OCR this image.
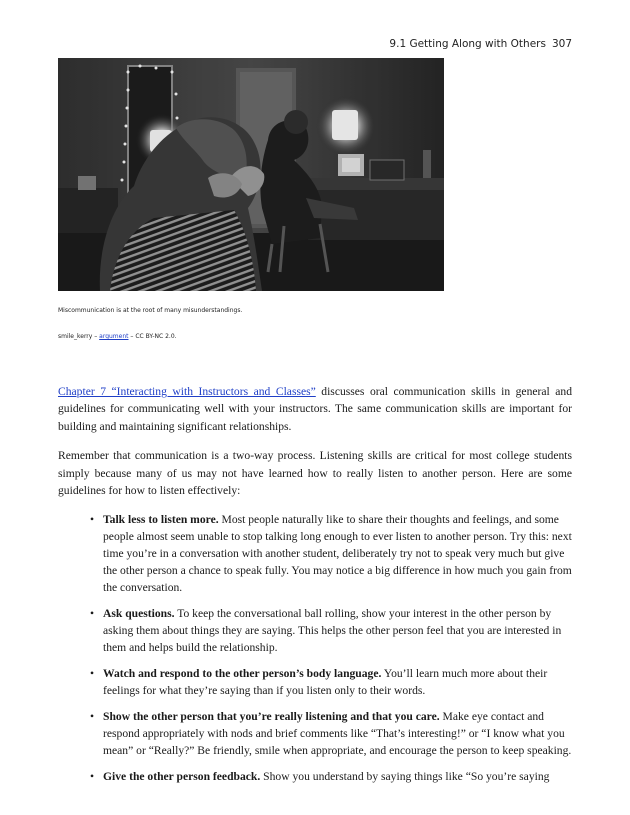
9.1 Getting Along with Others 307
Miscommunication is at the root of many misunderstandings.
smile_kerry – argument – CC BY-NC 2.0.

Chapter 7 “Interacting with Instructors and Classes” discusses oral communication skills in general and guidelines for communicating well with your instructors. The same communication skills are important for building and maintaining significant relationships.

Remember that communication is a two-way process. Listening skills are critical for most college students simply because many of us may not have learned how to really listen to another person. Here are some guidelines for how to listen effectively:

• Talk less to listen more. Most people naturally like to share their thoughts and feelings, and some people almost seem unable to stop talking long enough to ever listen to another person. Try this: next time you’re in a conversation with another student, deliberately try not to speak very much but give the other person a chance to speak fully. You may notice a big difference in how much you gain from the conversation.
• Ask questions. To keep the conversational ball rolling, show your interest in the other person by asking them about things they are saying. This helps the other person feel that you are interested in them and helps build the relationship.
• Watch and respond to the other person’s body language. You’ll learn much more about their feelings for what they’re saying than if you listen only to their words.
• Show the other person that you’re really listening and that you care. Make eye contact and respond appropriately with nods and brief comments like “That’s interesting!” or “I know what you mean” or “Really?” Be friendly, smile when appropriate, and encourage the person to keep speaking.
• Give the other person feedback. Show you understand by saying things like “So you’re saying
